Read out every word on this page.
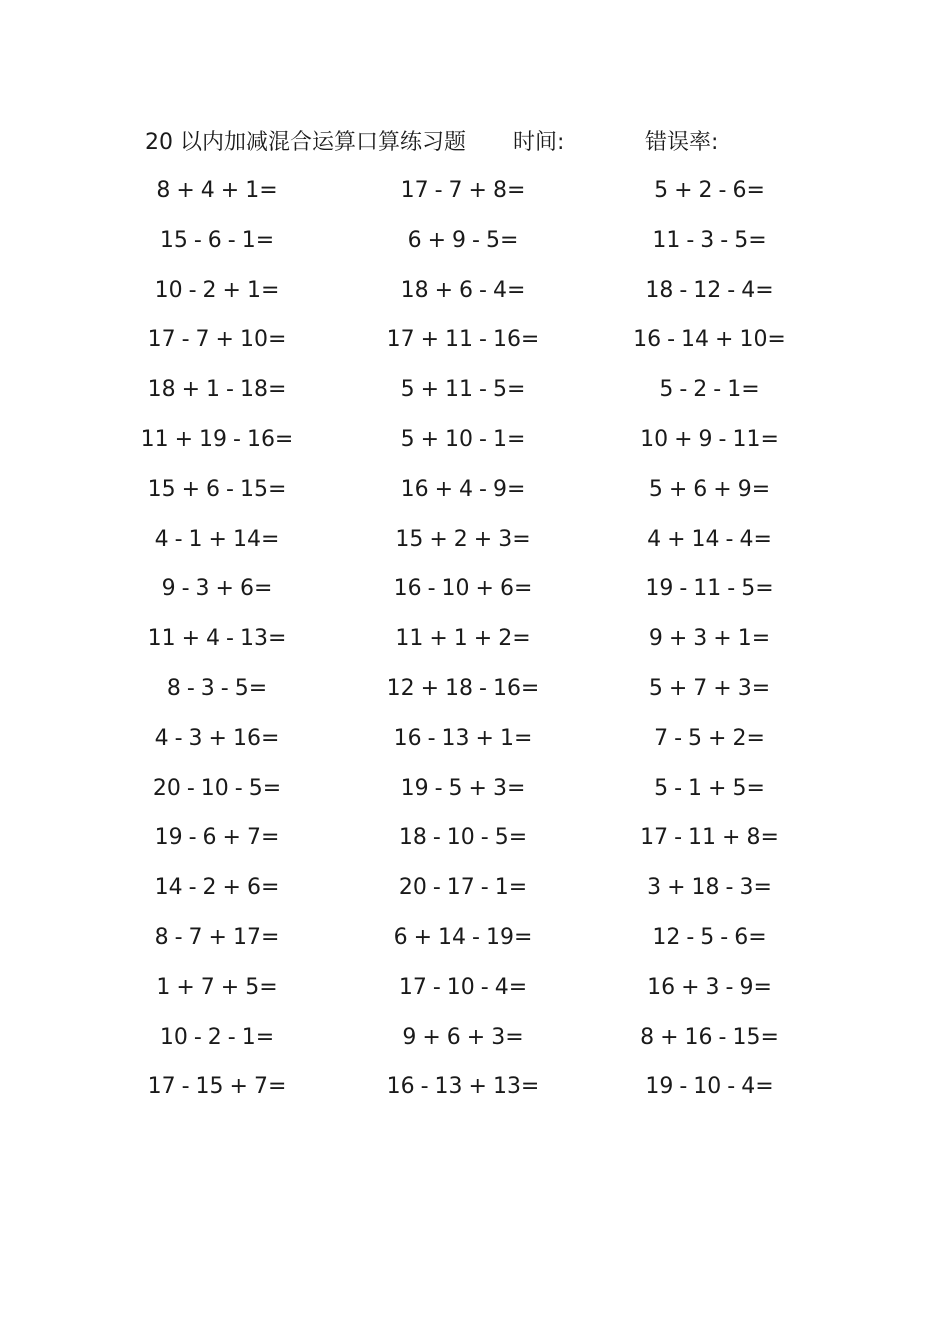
20 以内加减混合运算口算练习题 时间:	错误率:
8 + 4 + 1=	17 - 7 + 8=	5 + 2 - 6=
15 - 6 - 1=	6 + 9 - 5=	11 - 3 - 5=
10 - 2 + 1=	18 + 6 - 4=	18 - 12 - 4=
17 - 7 + 10=	17 + 11 - 16=	16 - 14 + 10=
18 + 1 - 18=	5 + 11 - 5=	5 - 2 - 1=
11 + 19 - 16=	5 + 10 - 1=	10 + 9 - 11=
15 + 6 - 15=	16 + 4 - 9=	5 + 6 + 9=
4 - 1 + 14=	15 + 2 + 3=	4 + 14 - 4=
9 - 3 + 6=	16 - 10 + 6=	19 - 11 - 5=
11 + 4 - 13=	11 + 1 + 2=	9 + 3 + 1=
8 - 3 - 5=	12 + 18 - 16=	5 + 7 + 3=
4 - 3 + 16=	16 - 13 + 1=	7 - 5 + 2=
20 - 10 - 5=	19 - 5 + 3=	5 - 1 + 5=
19 - 6 + 7=	18 - 10 - 5=	17 - 11 + 8=
14 - 2 + 6=	20 - 17 - 1=	3 + 18 - 3=
8 - 7 + 17=	6 + 14 - 19=	12 - 5 - 6=
1 + 7 + 5=	17 - 10 - 4=	16 + 3 - 9=
10 - 2 - 1=	9 + 6 + 3=	8 + 16 - 15=
17 - 15 + 7=	16 - 13 + 13=	19 - 10 - 4=
